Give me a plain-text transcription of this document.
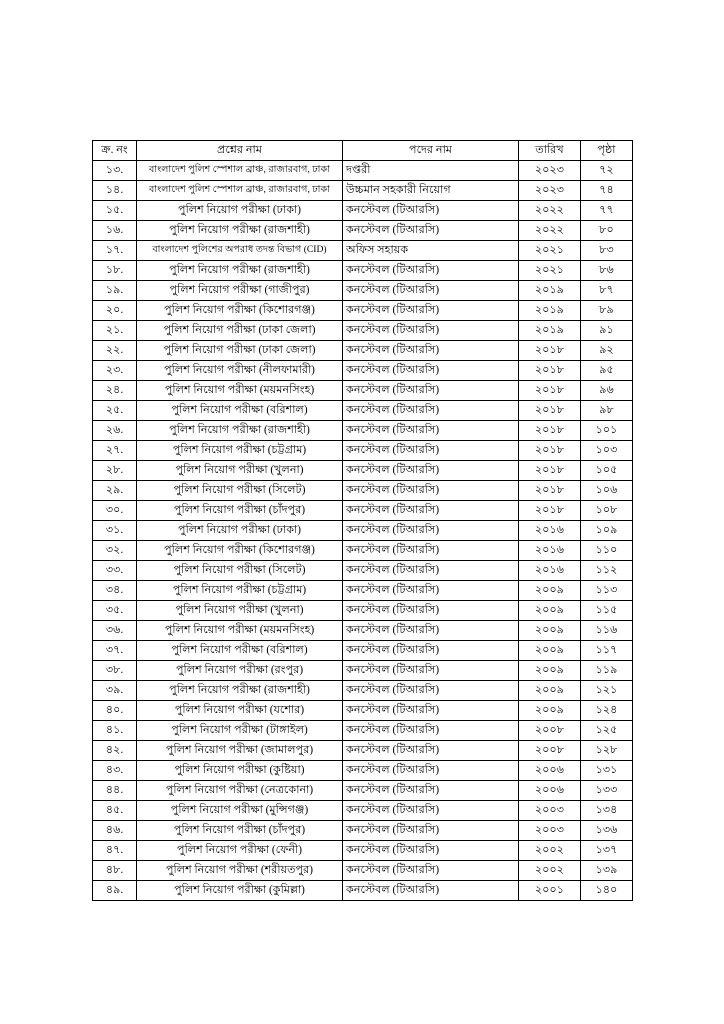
ক্র. নং	প্রশ্নের নাম	পদের নাম	তারিখ	পৃষ্ঠা
১৩.	বাংলাদেশ পুলিশ স্পেশাল ব্রাঞ্চ, রাজারবাগ, ঢাকা	দপ্তরী	২০২৩	৭২
১৪.	বাংলাদেশ পুলিশ স্পেশাল ব্রাঞ্চ, রাজারবাগ, ঢাকা	উচ্চমান সহকারী নিয়োগ	২০২৩	৭৪
১৫.	পুলিশ নিয়োগ পরীক্ষা (ঢাকা)	কনস্টেবল (টিআরসি)	২০২২	৭৭
১৬.	পুলিশ নিয়োগ পরীক্ষা (রাজশাহী)	কনস্টেবল (টিআরসি)	২০২২	৮০
১৭.	বাংলাদেশ পুলিশের অপরাধ তদন্ত বিভাগ (CID)	অফিস সহায়ক	২০২১	৮৩
১৮.	পুলিশ নিয়োগ পরীক্ষা (রাজশাহী)	কনস্টেবল (টিআরসি)	২০২১	৮৬
১৯.	পুলিশ নিয়োগ পরীক্ষা (গাজীপুর)	কনস্টেবল (টিআরসি)	২০১৯	৮৭
২০.	পুলিশ নিয়োগ পরীক্ষা (কিশোরগঞ্জ)	কনস্টেবল (টিআরসি)	২০১৯	৮৯
২১.	পুলিশ নিয়োগ পরীক্ষা (ঢাকা জেলা)	কনস্টেবল (টিআরসি)	২০১৯	৯১
২২.	পুলিশ নিয়োগ পরীক্ষা (ঢাকা জেলা)	কনস্টেবল (টিআরসি)	২০১৮	৯২
২৩.	পুলিশ নিয়োগ পরীক্ষা (নীলফামারী)	কনস্টেবল (টিআরসি)	২০১৮	৯৫
২৪.	পুলিশ নিয়োগ পরীক্ষা (ময়মনসিংহ)	কনস্টেবল (টিআরসি)	২০১৮	৯৬
২৫.	পুলিশ নিয়োগ পরীক্ষা (বরিশাল)	কনস্টেবল (টিআরসি)	২০১৮	৯৮
২৬.	পুলিশ নিয়োগ পরীক্ষা (রাজশাহী)	কনস্টেবল (টিআরসি)	২০১৮	১০১
২৭.	পুলিশ নিয়োগ পরীক্ষা (চট্টগ্রাম)	কনস্টেবল (টিআরসি)	২০১৮	১০৩
২৮.	পুলিশ নিয়োগ পরীক্ষা (খুলনা)	কনস্টেবল (টিআরসি)	২০১৮	১০৫
২৯.	পুলিশ নিয়োগ পরীক্ষা (সিলেট)	কনস্টেবল (টিআরসি)	২০১৮	১০৬
৩০.	পুলিশ নিয়োগ পরীক্ষা (চাঁদপুর)	কনস্টেবল (টিআরসি)	২০১৮	১০৮
৩১.	পুলিশ নিয়োগ পরীক্ষা (ঢাকা)	কনস্টেবল (টিআরসি)	২০১৬	১০৯
৩২.	পুলিশ নিয়োগ পরীক্ষা (কিশোরগঞ্জ)	কনস্টেবল (টিআরসি)	২০১৬	১১০
৩৩.	পুলিশ নিয়োগ পরীক্ষা (সিলেট)	কনস্টেবল (টিআরসি)	২০১৬	১১২
৩৪.	পুলিশ নিয়োগ পরীক্ষা (চট্টগ্রাম)	কনস্টেবল (টিআরসি)	২০০৯	১১৩
৩৫.	পুলিশ নিয়োগ পরীক্ষা (খুলনা)	কনস্টেবল (টিআরসি)	২০০৯	১১৫
৩৬.	পুলিশ নিয়োগ পরীক্ষা (ময়মনসিংহ)	কনস্টেবল (টিআরসি)	২০০৯	১১৬
৩৭.	পুলিশ নিয়োগ পরীক্ষা (বরিশাল)	কনস্টেবল (টিআরসি)	২০০৯	১১৭
৩৮.	পুলিশ নিয়োগ পরীক্ষা (রংপুর)	কনস্টেবল (টিআরসি)	২০০৯	১১৯
৩৯.	পুলিশ নিয়োগ পরীক্ষা (রাজশাহী)	কনস্টেবল (টিআরসি)	২০০৯	১২১
৪০.	পুলিশ নিয়োগ পরীক্ষা (যশোর)	কনস্টেবল (টিআরসি)	২০০৯	১২৪
৪১.	পুলিশ নিয়োগ পরীক্ষা (টাঙ্গাইল)	কনস্টেবল (টিআরসি)	২০০৮	১২৫
৪২.	পুলিশ নিয়োগ পরীক্ষা (জামালপুর)	কনস্টেবল (টিআরসি)	২০০৮	১২৮
৪৩.	পুলিশ নিয়োগ পরীক্ষা (কুষ্টিয়া)	কনস্টেবল (টিআরসি)	২০০৬	১৩১
৪৪.	পুলিশ নিয়োগ পরীক্ষা (নেত্রকোনা)	কনস্টেবল (টিআরসি)	২০০৬	১৩৩
৪৫.	পুলিশ নিয়োগ পরীক্ষা (মুন্সিগঞ্জ)	কনস্টেবল (টিআরসি)	২০০৩	১৩৪
৪৬.	পুলিশ নিয়োগ পরীক্ষা (চাঁদপুর)	কনস্টেবল (টিআরসি)	২০০৩	১৩৬
৪৭.	পুলিশ নিয়োগ পরীক্ষা (ফেনী)	কনস্টেবল (টিআরসি)	২০০২	১৩৭
৪৮.	পুলিশ নিয়োগ পরীক্ষা (শরীয়তপুর)	কনস্টেবল (টিআরসি)	২০০২	১৩৯
৪৯.	পুলিশ নিয়োগ পরীক্ষা (কুমিল্লা)	কনস্টেবল (টিআরসি)	২০০১	১৪০
